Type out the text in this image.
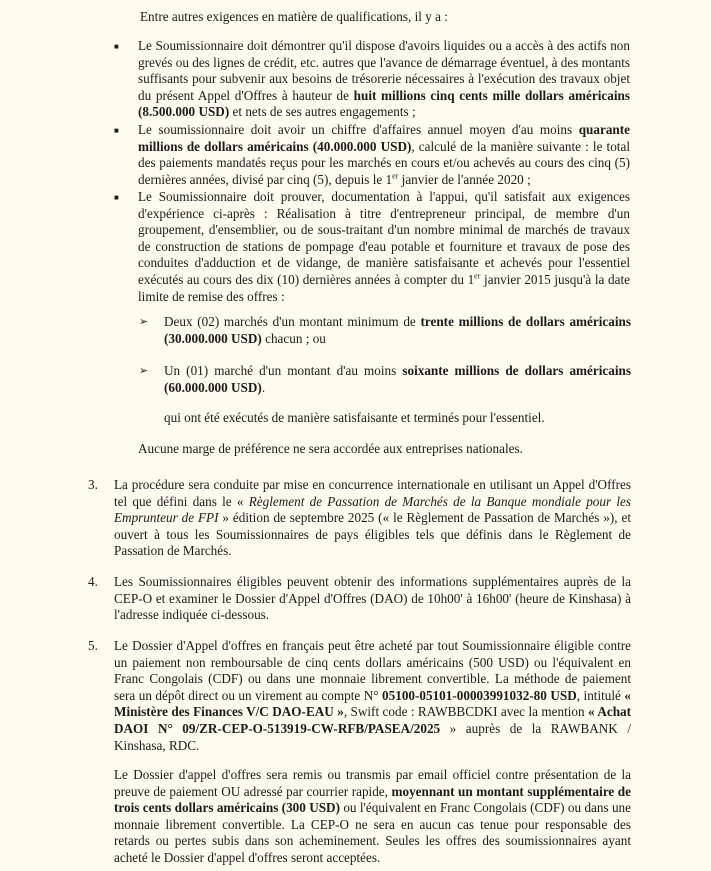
Entre autres exigences en matière de qualifications, il y a :

■ Le Soumissionnaire doit démontrer qu'il dispose d'avoirs liquides ou a accès à des actifs non grevés ou des lignes de crédit, etc. autres que l'avance de démarrage éventuel, à des montants suffisants pour subvenir aux besoins de trésorerie nécessaires à l'exécution des travaux objet du présent Appel d'Offres à hauteur de huit millions cinq cents mille dollars américains (8.500.000 USD) et nets de ses autres engagements ;

■ Le soumissionnaire doit avoir un chiffre d'affaires annuel moyen d'au moins quarante millions de dollars américains (40.000.000 USD), calculé de la manière suivante : le total des paiements mandatés reçus pour les marchés en cours et/ou achevés au cours des cinq (5) dernières années, divisé par cinq (5), depuis le 1er janvier de l'année 2020 ;

■ Le Soumissionnaire doit prouver, documentation à l'appui, qu'il satisfait aux exigences d'expérience ci-après : Réalisation à titre d'entrepreneur principal, de membre d'un groupement, d'ensemblier, ou de sous-traitant d'un nombre minimal de marchés de travaux de construction de stations de pompage d'eau potable et fourniture et travaux de pose des conduites d'adduction et de vidange, de manière satisfaisante et achevés pour l'essentiel exécutés au cours des dix (10) dernières années à compter du 1er janvier 2015 jusqu'à la date limite de remise des offres :

➢ Deux (02) marchés d'un montant minimum de trente millions de dollars américains (30.000.000 USD) chacun ; ou

➢ Un (01) marché d'un montant d'au moins soixante millions de dollars américains (60.000.000 USD).

qui ont été exécutés de manière satisfaisante et terminés pour l'essentiel.

Aucune marge de préférence ne sera accordée aux entreprises nationales.

3. La procédure sera conduite par mise en concurrence internationale en utilisant un Appel d'Offres tel que défini dans le « Règlement de Passation de Marchés de la Banque mondiale pour les Emprunteur de FPI » édition de septembre 2025 (« le Règlement de Passation de Marchés »), et ouvert à tous les Soumissionnaires de pays éligibles tels que définis dans le Règlement de Passation de Marchés.

4. Les Soumissionnaires éligibles peuvent obtenir des informations supplémentaires auprès de la CEP-O et examiner le Dossier d'Appel d'Offres (DAO) de 10h00' à 16h00' (heure de Kinshasa) à l'adresse indiquée ci-dessous.

5. Le Dossier d'Appel d'offres en français peut être acheté par tout Soumissionnaire éligible contre un paiement non remboursable de cinq cents dollars américains (500 USD) ou l'équivalent en Franc Congolais (CDF) ou dans une monnaie librement convertible. La méthode de paiement sera un dépôt direct ou un virement au compte N° 05100-05101-00003991032-80 USD, intitulé « Ministère des Finances V/C DAO-EAU », Swift code : RAWBBCDKI avec la mention « Achat DAOI N° 09/ZR-CEP-O-513919-CW-RFB/PASEA/2025 » auprès de la RAWBANK / Kinshasa, RDC.

Le Dossier d'appel d'offres sera remis ou transmis par email officiel contre présentation de la preuve de paiement OU adressé par courrier rapide, moyennant un montant supplémentaire de trois cents dollars américains (300 USD) ou l'équivalent en Franc Congolais (CDF) ou dans une monnaie librement convertible. La CEP-O ne sera en aucun cas tenue pour responsable des retards ou pertes subis dans son acheminement. Seules les offres des soumissionnaires ayant acheté le Dossier d'appel d'offres seront acceptées.
